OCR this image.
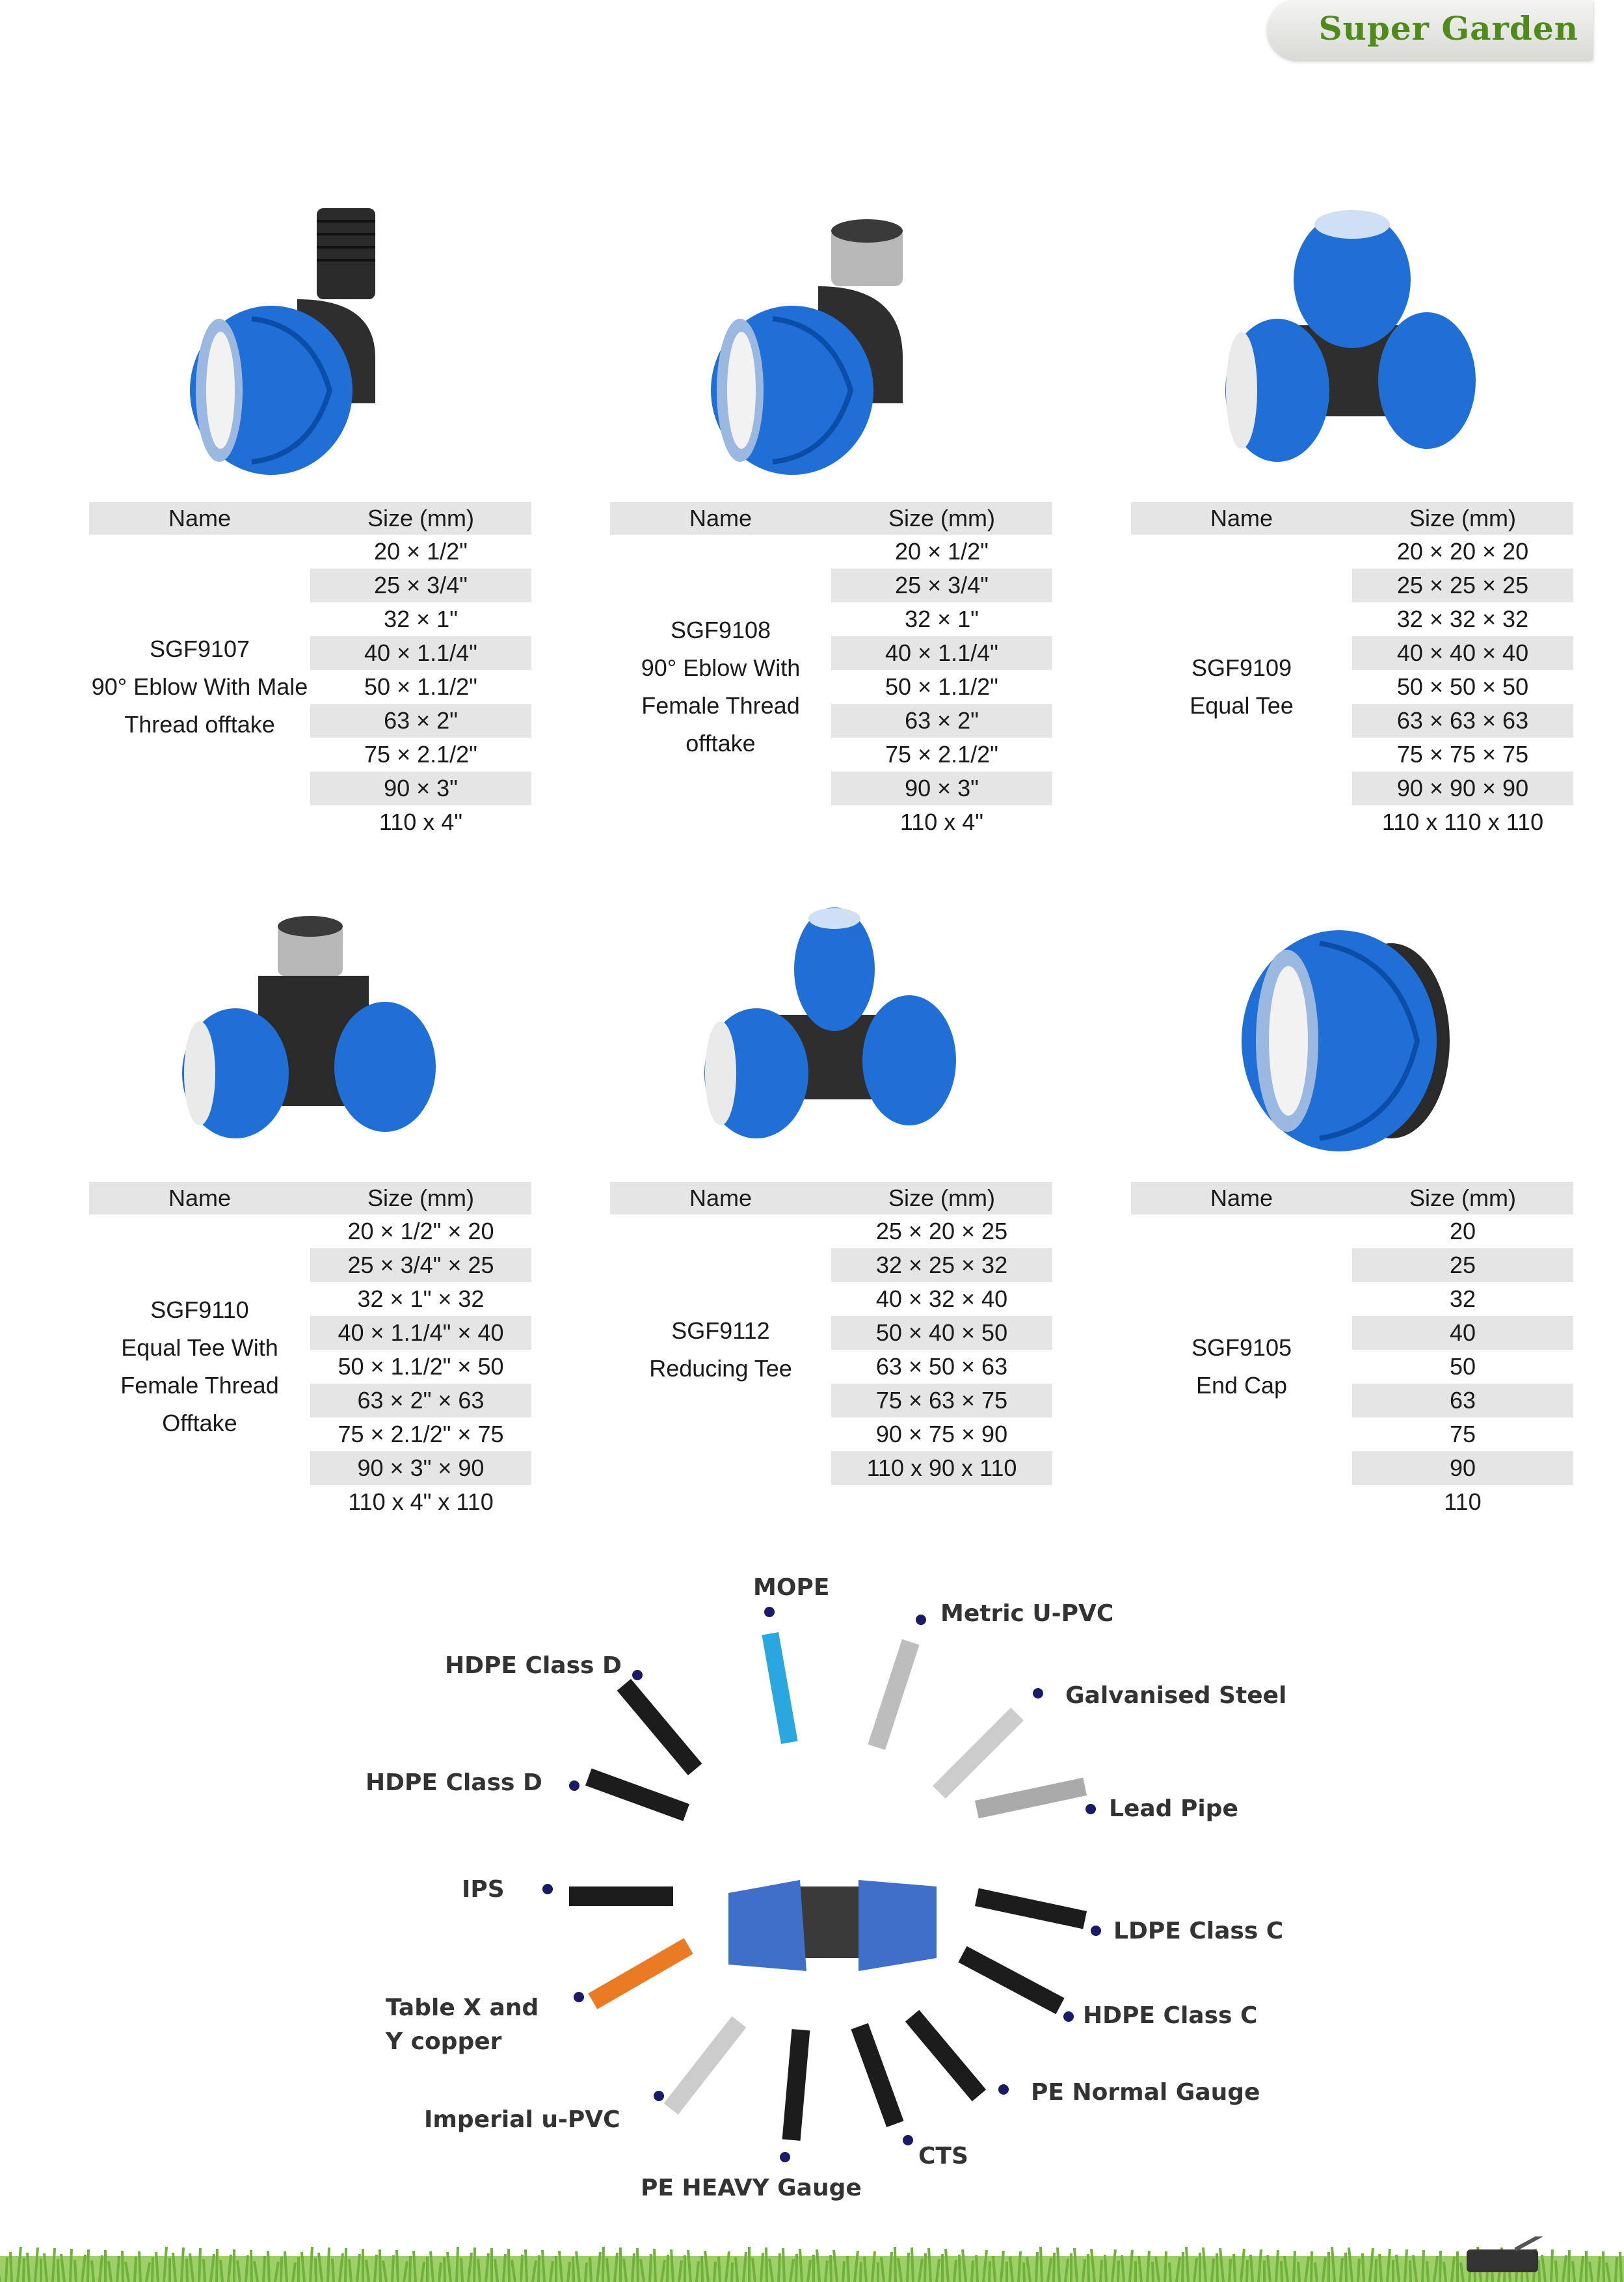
Super Garden
Name	Size (mm)
SGF9107
90° Eblow With Male
Thread offtake
20 × 1/2"
25 × 3/4"
32 × 1"
40 × 1.1/4"
50 × 1.1/2"
63 × 2"
75 × 2.1/2"
90 × 3"
110 x 4"
Name	Size (mm)
SGF9108
90° Eblow With
Female Thread offtake
20 × 1/2"
25 × 3/4"
32 × 1"
40 × 1.1/4"
50 × 1.1/2"
63 × 2"
75 × 2.1/2"
90 × 3"
110 x 4"
Name	Size (mm)
SGF9109
Equal Tee
20 × 20 × 20
25 × 25 × 25
32 × 32 × 32
40 × 40 × 40
50 × 50 × 50
63 × 63 × 63
75 × 75 × 75
90 × 90 × 90
110 x 110 x 110
Name	Size (mm)
SGF9110
Equal Tee With
Female Thread
Offtake
20 × 1/2" × 20
25 × 3/4" × 25
32 × 1" × 32
40 × 1.1/4" × 40
50 × 1.1/2" × 50
63 × 2" × 63
75 × 2.1/2" × 75
90 × 3" × 90
110 x 4" x 110
Name	Size (mm)
SGF9112
Reducing Tee
25 × 20 × 25
32 × 25 × 32
40 × 32 × 40
50 × 40 × 50
63 × 50 × 63
75 × 63 × 75
90 × 75 × 90
110 x 90 x 110
Name	Size (mm)
SGF9105
End Cap
20
25
32
40
50
63
75
90
110
MOPE
Metric U-PVC
Galvanised Steel
Lead Pipe
LDPE Class C
HDPE Class C
PE Normal Gauge
CTS
PE HEAVY Gauge
Imperial u-PVC
Table X and
Y copper
IPS
HDPE Class D
HDPE Class D
